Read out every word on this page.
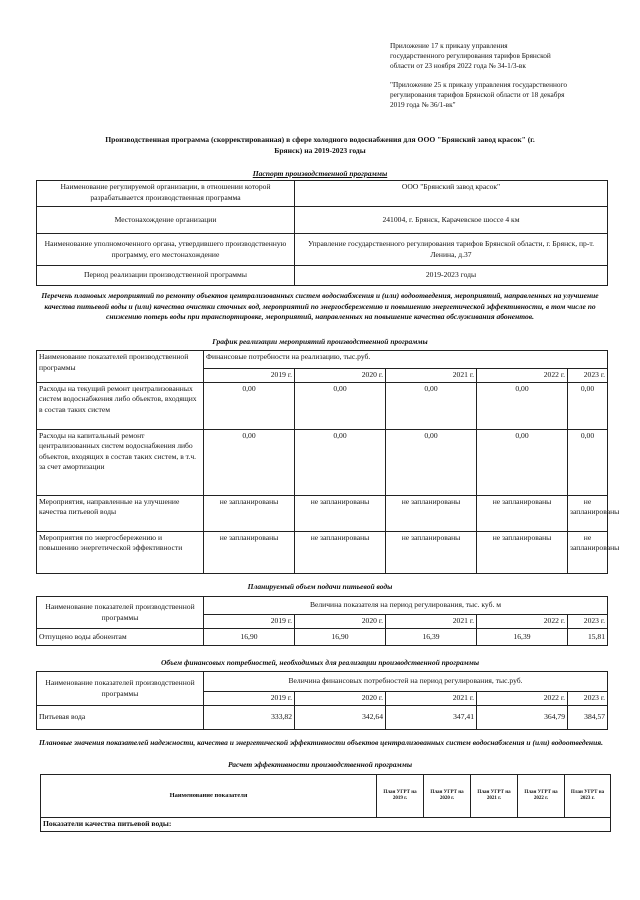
Приложение 17 к приказу управления
государственного регулирования тарифов Брянской
области от 23 ноября 2022 года № 34-1/3-вк
"Приложение 25 к приказу управления государственного
регулирования тарифов Брянской области от 18 декабря
2019 года № 36/1-вк"
Производственная программа (скорректированная) в сфере холодного водоснабжения для ООО "Брянский завод красок" (г.
Брянск) на 2019-2023 годы
Паспорт производственной программы
Наименование регулируемой организации, в отношении которой разрабатывается производственная программа	ООО "Брянский завод красок"
Местонахождение организации	241004, г. Брянск, Карачевское шоссе 4 км
Наименование уполномоченного органа, утвердившего производственную программу, его местонахождение	Управление государственного регулирования тарифов Брянской области, г. Брянск, пр-т. Ленина, д.37
Период реализации производственной программы	2019-2023 годы
Перечень плановых мероприятий по ремонту объектов централизованных систем водоснабжения и (или) водоотведения, мероприятий, направленных на улучшение качества питьевой воды и (или) качества очистки сточных вод, мероприятий по энергосбережению и повышению энергетической эффективности, в том числе по снижению потерь воды при транспортировке, мероприятий, направленных на повышение качества обслуживания абонентов.
График реализации мероприятий производственной программы
Наименование показателей производственной программы	Финансовые потребности на реализацию, тыс.руб.				
	2019 г.	2020 г.	2021 г.	2022 г.	2023 г.
Расходы на текущий ремонт централизованных систем водоснабжения либо объектов, входящих в состав таких систем	0,00	0,00	0,00	0,00	0,00
Расходы на капитальный ремонт централизованных систем водоснабжения либо объектов, входящих в состав таких систем, в т.ч. за счет амортизации	0,00	0,00	0,00	0,00	0,00
Мероприятия, направленные на улучшение качества питьевой воды	не запланированы	не запланированы	не запланированы	не запланированы	не запланированы
Мероприятия по энергосбережению и повышению энергетической эффективности	не запланированы	не запланированы	не запланированы	не запланированы	не запланированы
Планируемый объем подачи питьевой воды
Наименование показателей производственной программы	Величина показателя на период регулирования, тыс. куб. м				
	2019 г.	2020 г.	2021 г.	2022 г.	2023 г.
Отпущено воды абонентам	16,90	16,90	16,39	16,39	15,81
Объем финансовых потребностей, необходимых для реализации производственной программы
Наименование показателей производственной программы	Величина финансовых потребностей на период регулирования, тыс.руб.				
	2019 г.	2020 г.	2021 г.	2022 г.	2023 г.
Питьевая вода	333,82	342,64	347,41	364,79	384,57
Плановые значения показателей надежности, качества и энергетической эффективности объектов централизованных систем водоснабжения и (или) водоотведения.
Расчет эффективности производственной программы
Наименование показателя	План УГРТ на 2019 г.	План УГРТ на 2020 г.	План УГРТ на 2021 г.	План УГРТ на 2022 г.	План УГРТ на 2023 г.
Показатели качества питьевой воды:
